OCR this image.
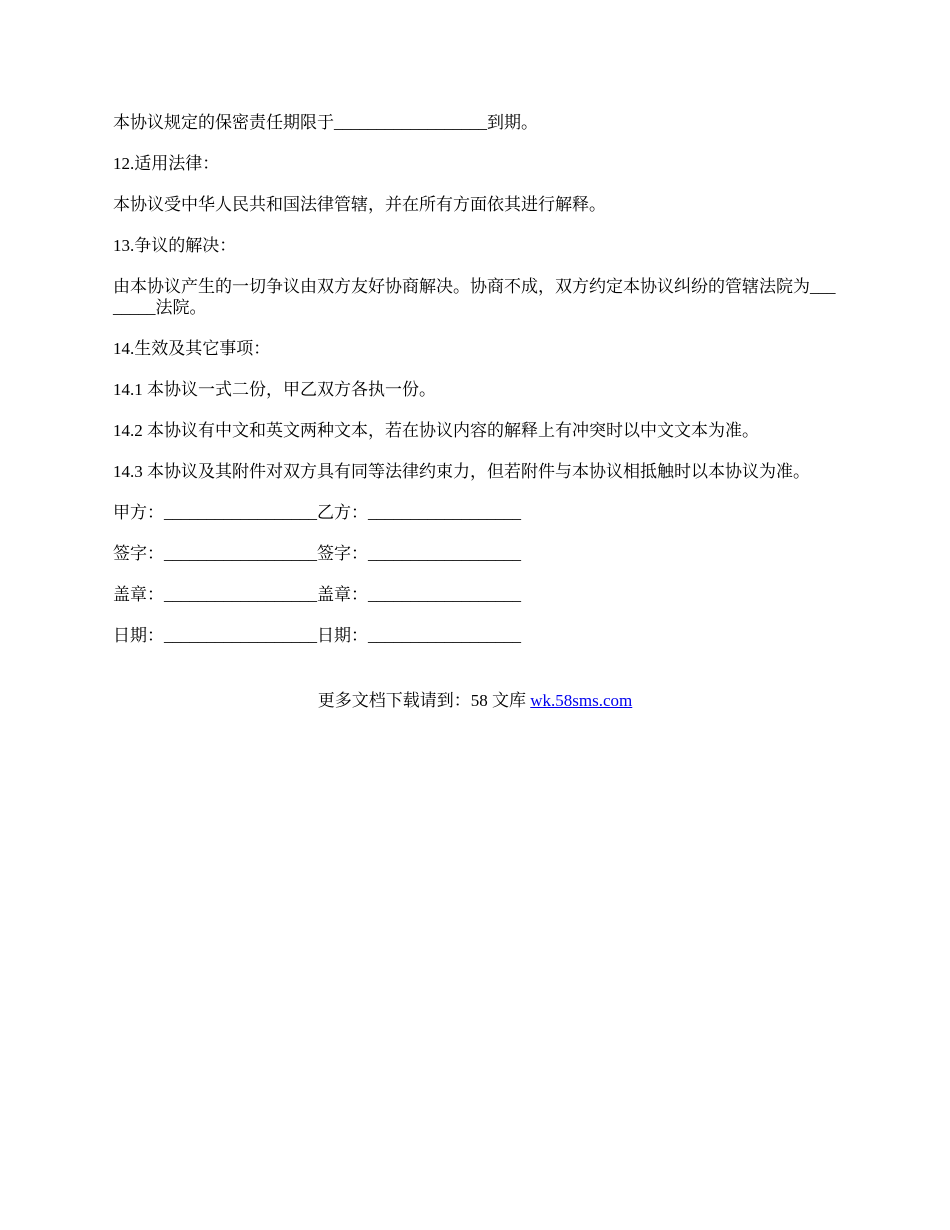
本协议规定的保密责任期限于__________________到期。

12.适用法律：

本协议受中华人民共和国法律管辖，并在所有方面依其进行解释。

13.争议的解决：

由本协议产生的一切争议由双方友好协商解决。协商不成，双方约定本协议纠纷的管辖法院为________法院。

14.生效及其它事项：

14.1 本协议一式二份，甲乙双方各执一份。

14.2 本协议有中文和英文两种文本，若在协议内容的解释上有冲突时以中文文本为准。

14.3 本协议及其附件对双方具有同等法律约束力，但若附件与本协议相抵触时以本协议为准。

甲方：__________________乙方：__________________
签字：__________________签字：__________________
盖章：__________________盖章：__________________
日期：__________________日期：__________________
更多文档下载请到：58 文库 wk.58sms.com
